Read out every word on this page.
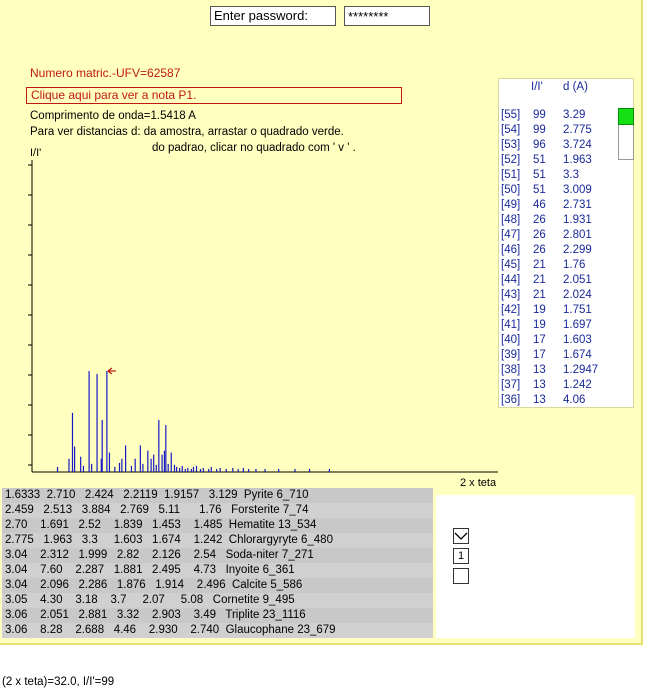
Enter password:	********
Numero matric.-UFV=62587
Clique aqui para ver a nota P1.
Comprimento de onda=1.5418 A
Para ver distancias d: da amostra, arrastar o quadrado verde.
do padrao, clicar no quadrado com ' v ' .
I/I'
2 x teta
I/I' d (A)
[55] 99 3.29
[54] 99 2.775
[53] 96 3.724
[52] 51 1.963
[51] 51 3.3
[50] 51 3.009
[49] 46 2.731
[48] 26 1.931
[47] 26 2.801
[46] 26 2.299
[45] 21 1.76
[44] 21 2.051
[43] 21 2.024
[42] 19 1.751
[41] 19 1.697
[40] 17 1.603
[39] 17 1.674
[38] 13 1.2947
[37] 13 1.242
[36] 13 4.06
1.6333  2.710   2.424   2.2119  1.9157   3.129  Pyrite 6_710
2.459   2.513   3.884   2.769   5.11      1.76   Forsterite 7_74
2.70    1.691   2.52    1.839   1.453    1.485  Hematite 13_534
2.775   1.963   3.3     1.603   1.674    1.242  Chlorargyryte 6_480
3.04    2.312   1.999   2.82    2.126    2.54   Soda-niter 7_271
3.04    7.60    2.287   1.881   2.495    4.73   Inyoite 6_361
3.04    2.096   2.286   1.876   1.914    2.496  Calcite 5_586
3.05    4.30    3.18    3.7     2.07     5.08   Cornetite 9_495
3.06    2.051   2.881   3.32    2.903    3.49   Triplite 23_1116
3.06    8.28    2.688   4.46    2.930    2.740  Glaucophane 23_679
1
(2 x teta)=32.0, I/I'=99
